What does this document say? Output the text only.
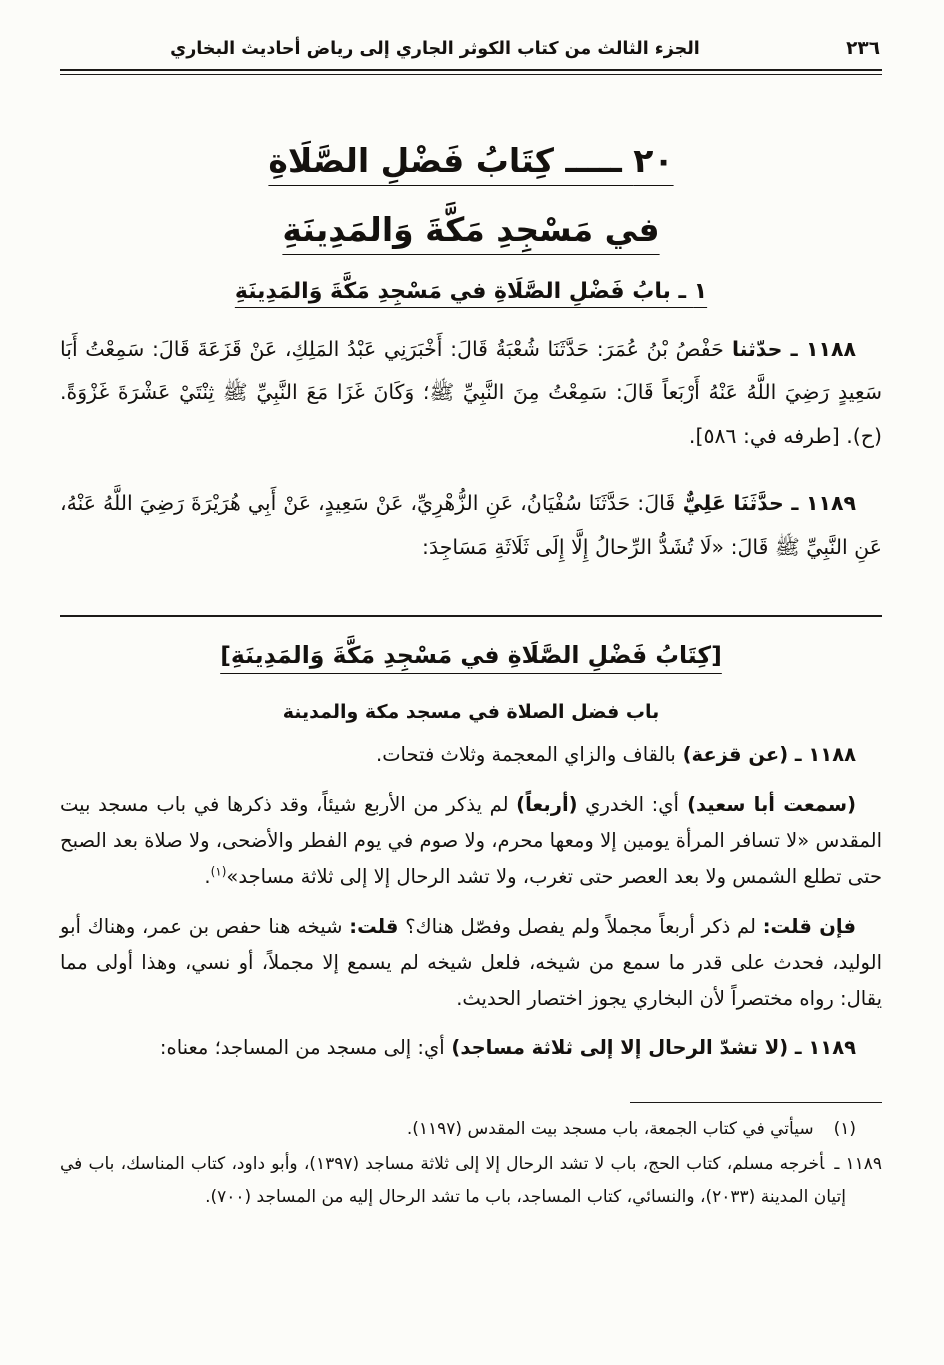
٢٣٦
الجزء الثالث من كتاب الكوثر الجاري إلى رياض أحاديث البخاري
٢٠ ـــــ كِتَابُ فَضْلِ الصَّلَاةِ
في مَسْجِدِ مَكَّةَ وَالمَدِينَةِ
١ ـ بابُ فَضْلِ الصَّلَاةِ في مَسْجِدِ مَكَّةَ وَالمَدِينَةِ

١١٨٨ ـ حدّثنا حَفْصُ بْنُ عُمَرَ: حَدَّثَنَا شُعْبَةُ قَالَ: أَخْبَرَنِي عَبْدُ المَلِكِ، عَنْ قَزَعَةَ قَالَ: سَمِعْتُ أَبَا سَعِيدٍ رَضِيَ اللَّهُ عَنْهُ أَرْبَعاً قَالَ: سَمِعْتُ مِنَ النَّبِيِّ ﷺ؛ وَكَانَ غَزَا مَعَ النَّبِيِّ ﷺ ثِنْتَيْ عَشْرَةَ غَزْوَةً. (ح). [طرفه في: ٥٨٦].

١١٨٩ ـ حدَّثَنَا عَلِيٌّ قَالَ: حَدَّثَنَا سُفْيَانُ، عَنِ الزُّهْرِيِّ، عَنْ سَعِيدٍ، عَنْ أَبِي هُرَيْرَةَ رَضِيَ اللَّهُ عَنْهُ، عَنِ النَّبِيِّ ﷺ قَالَ: «لَا تُشَدُّ الرِّحالُ إِلَّا إِلَى ثَلَاثَةِ مَسَاجِدَ:

[كِتَابُ فَضْلِ الصَّلَاةِ في مَسْجِدِ مَكَّةَ وَالمَدِينَةِ]
باب فضل الصلاة في مسجد مكة والمدينة

١١٨٨ ـ (عن قزعة) بالقاف والزاي المعجمة وثلاث فتحات.

(سمعت أبا سعيد) أي: الخدري (أربعاً) لم يذكر من الأربع شيئاً، وقد ذكرها في باب مسجد بيت المقدس «لا تسافر المرأة يومين إلا ومعها محرم، ولا صوم في يوم الفطر والأضحى، ولا صلاة بعد الصبح حتى تطلع الشمس ولا بعد العصر حتى تغرب، ولا تشد الرحال إلا إلى ثلاثة مساجد»$^{(١)}$.

فإن قلت: لم ذكر أربعاً مجملاً ولم يفصل وفصّل هناك؟ قلت: شيخه هنا حفص بن عمر، وهناك أبو الوليد، فحدث على قدر ما سمع من شيخه، فلعل شيخه لم يسمع إلا مجملاً، أو نسي، وهذا أولى مما يقال: رواه مختصراً لأن البخاري يجوز اختصار الحديث.

١١٨٩ ـ (لا تشدّ الرحال إلا إلى ثلاثة مساجد) أي: إلى مسجد من المساجد؛ معناه:

(١)سيأتي في كتاب الجمعة، باب مسجد بيت المقدس (١١٩٧).

١١٨٩ ـأخرجه مسلم، كتاب الحج، باب لا تشد الرحال إلا إلى ثلاثة مساجد (١٣٩٧)، وأبو داود، كتاب المناسك، باب في إتيان المدينة (٢٠٣٣)، والنسائي، كتاب المساجد، باب ما تشد الرحال إليه من المساجد (٧٠٠).
